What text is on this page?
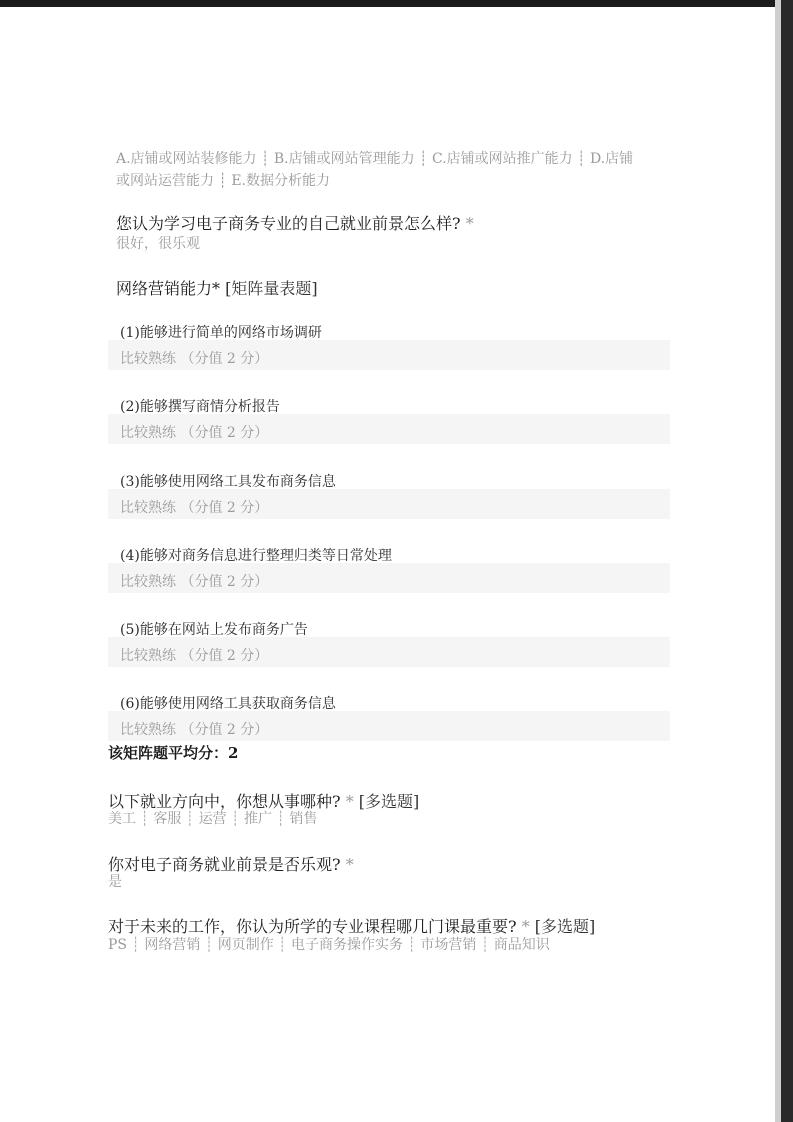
A.店铺或网站装修能力 ┊ B.店铺或网站管理能力 ┊ C.店铺或网站推广能力 ┊ D.店铺
或网站运营能力 ┊ E.数据分析能力
您认为学习电子商务专业的自己就业前景怎么样? *
很好，很乐观
网络营销能力* [矩阵量表题]
(1)能够进行简单的网络市场调研
比较熟练 （分值 2 分）
(2)能够撰写商情分析报告
比较熟练 （分值 2 分）
(3)能够使用网络工具发布商务信息
比较熟练 （分值 2 分）
(4)能够对商务信息进行整理归类等日常处理
比较熟练 （分值 2 分）
(5)能够在网站上发布商务广告
比较熟练 （分值 2 分）
(6)能够使用网络工具获取商务信息
比较熟练 （分值 2 分）
该矩阵题平均分：2
以下就业方向中，你想从事哪种? * [多选题]
美工 ┊ 客服 ┊ 运营 ┊ 推广 ┊ 销售
你对电子商务就业前景是否乐观? *
是
对于未来的工作，你认为所学的专业课程哪几门课最重要? * [多选题]
PS ┊ 网络营销 ┊ 网页制作 ┊ 电子商务操作实务 ┊ 市场营销 ┊ 商品知识
